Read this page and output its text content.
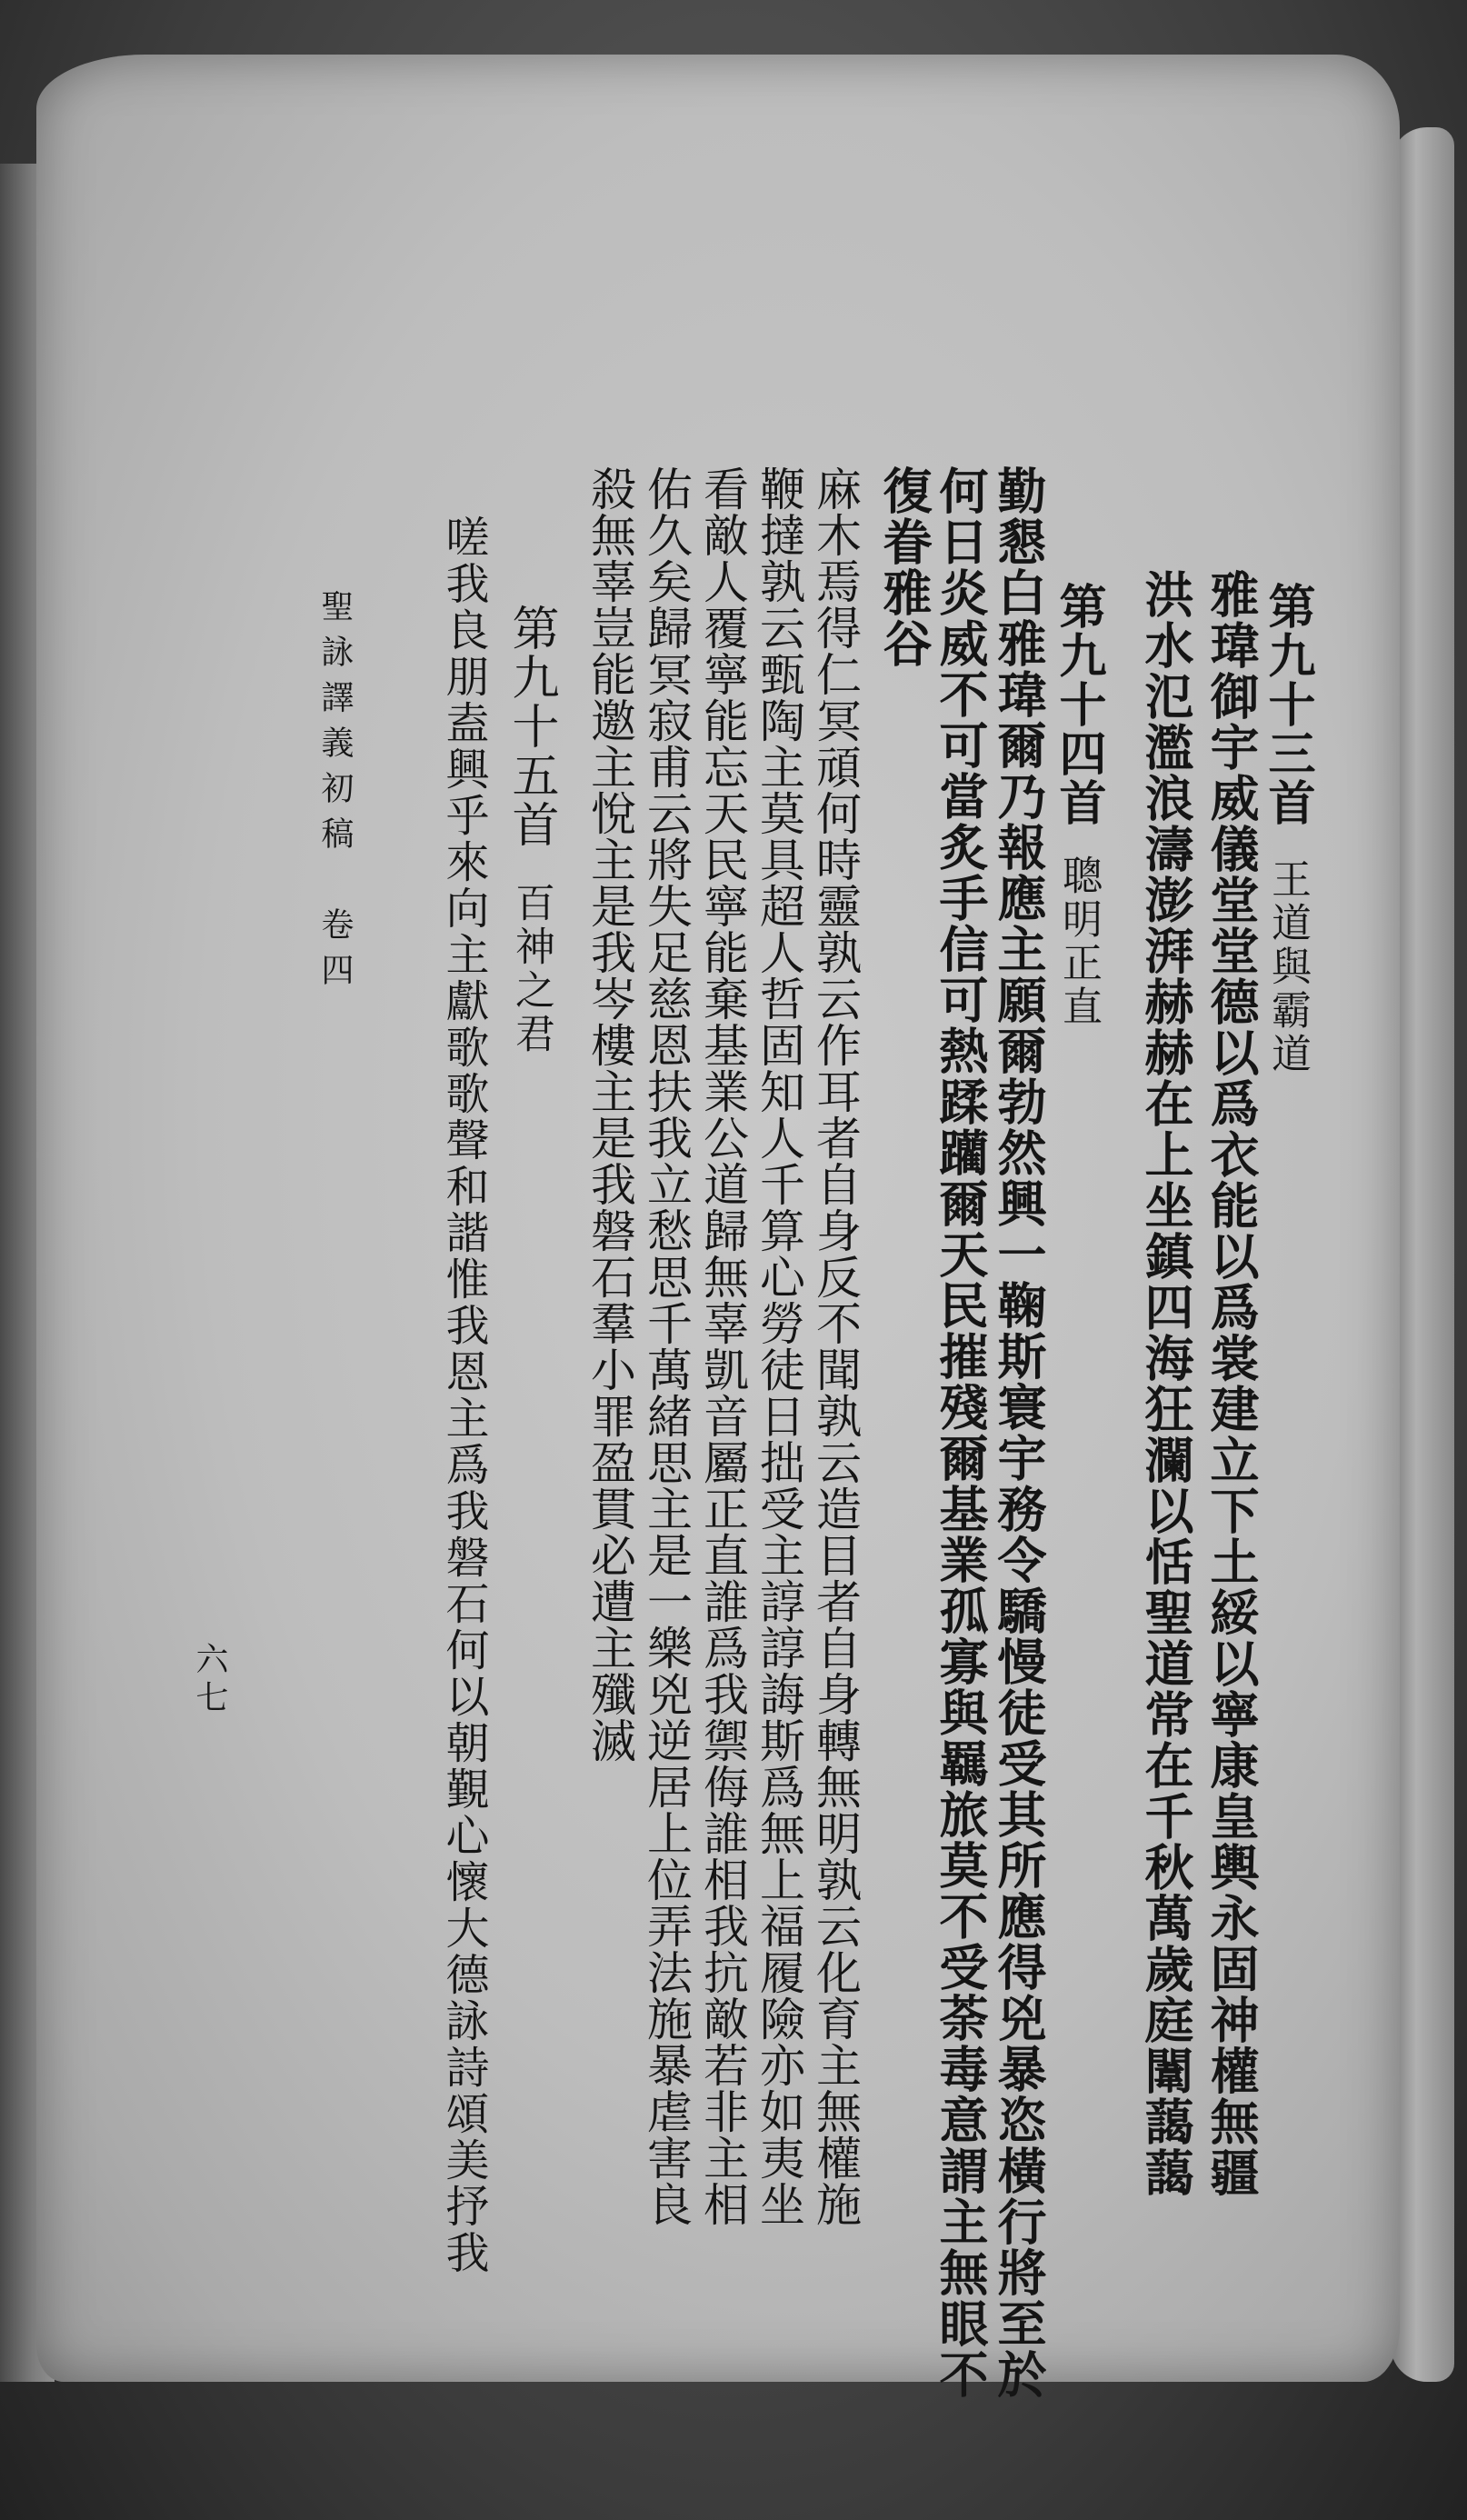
第九十三首王道與霸道
雅瑋御宇威儀堂堂德以爲衣能以爲裳建立下土綏以寧康皇輿永固神權無疆
洪水氾濫浪濤澎湃赫赫在上坐鎮四海狂瀾以恬聖道常在千秋萬歲庭闈藹藹
第九十四首聰明正直
勤懇白雅瑋爾乃報應主願爾勃然興一鞠斯寰宇務令驕慢徒受其所應得兇暴恣橫行將至於
何日炎威不可當炙手信可熱蹂躪爾天民摧殘爾基業孤寡與羈旅莫不受荼毒意謂主無眼不
復眷雅谷
麻木焉得仁冥頑何時靈孰云作耳者自身反不聞孰云造目者自身轉無明孰云化育主無權施
鞭撻孰云甄陶主莫具超人哲固知人千算心勞徒日拙受主諄諄誨斯爲無上福履險亦如夷坐
看敵人覆寧能忘天民寧能棄基業公道歸無辜凱音屬正直誰爲我禦侮誰相我抗敵若非主相
佑久矣歸冥寂甫云將失足慈恩扶我立愁思千萬緒思主是一樂兇逆居上位弄法施暴虐害良
殺無辜豈能邀主悅主是我岑樓主是我磐石羣小罪盈貫必遭主殲滅
第九十五首百神之君
嗟我良朋盍興乎來向主獻歌歌聲和諧惟我恩主爲我磐石何以朝覲心懷大德詠詩頌美抒我
聖詠譯義初稿卷四
六七
